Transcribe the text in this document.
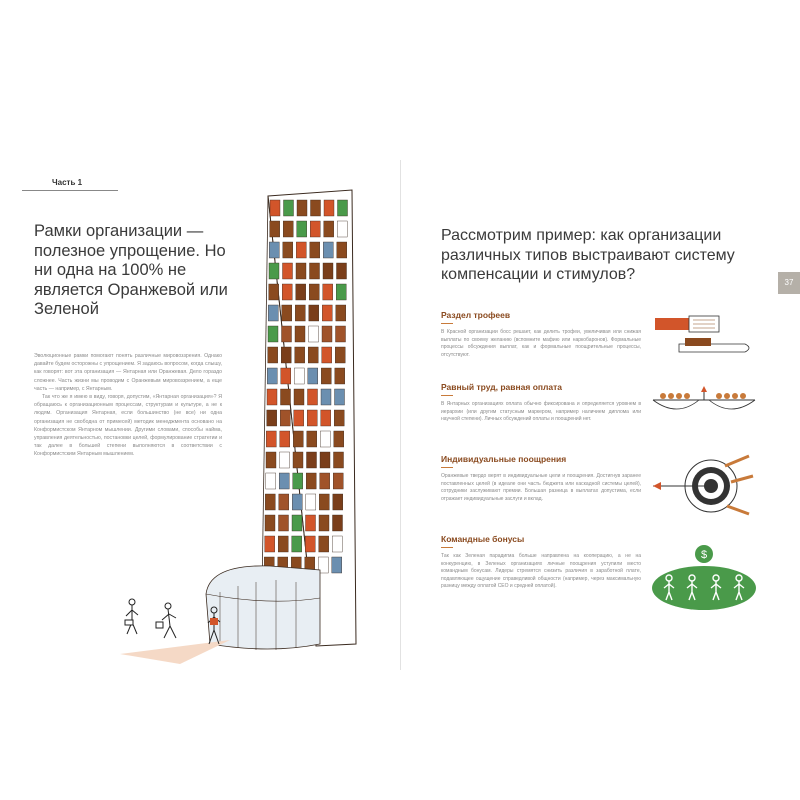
Часть 1
Рамки организации — полезное упрощение. Но ни одна на 100% не является Оранжевой или Зеленой

Эволюционные рамки помогают понять различные мировоззрения. Однако давайте будем осторожны с упрощением. Я задаюсь вопросом, когда слышу, как говорят: вот эта организация — Янтарная или Оранжевая. Дело гораздо сложнее. Часть жизни мы проводим с Оранжевым мировоззрением, а еще часть — например, с Янтарным.

Так что же я имею в виду, говоря, допустим, «Янтарная организация»? Я обращаюсь к организационным процессам, структурам и культуре, а не к людям. Организация Янтарная, если большинство (не все) ни одна организация не свободна от примесей) методик менеджмента основано на Конформистском Янтарном мышлении. Другими словами, способы найма, управления деятельностью, постановки целей, формулирование стратегии и так далее в большей степени выполняются в соответствии с Конформистским Янтарным мышлением.

Рассмотрим пример: как организации различных типов выстраивают систему компенсации и стимулов?	37
Раздел трофеев

В Красной организации босс решает, как делить трофеи, увеличивая или снижая выплаты по своему желанию (вспомните мафию или наркобаронов). Формальные процессы обсуждения выплат, как и формальные поощрительные процессы, отсутствуют.

Равный труд, равная оплата

В Янтарных организациях оплата обычно фиксирована и определяется уровнем в иерархии (или другим статусным маркером, например наличием диплома или научной степени). Личных обсуждений оплаты и поощрений нет.

Индивидуальные поощрения

Оранжевые твердо верят в индивидуальные цели и поощрения. Достигнув заранее поставленных целей (в идеале они часть бюджета или каскадной системы целей), сотрудники заслуживают премии. Большая разница в выплатах допустима, если отражает индивидуальные заслуги и вклад.

Командные бонусы

Так как Зеленая парадигма больше направлена на кооперацию, а не на конкуренцию, в Зеленых организациях личные поощрения уступили место командным бонусам. Лидеры стремятся снизить различия в заработной плате, подавляющее ощущение справедливой общности (например, через максимальную разницу между оплатой CEO и средней оплатой).

$
